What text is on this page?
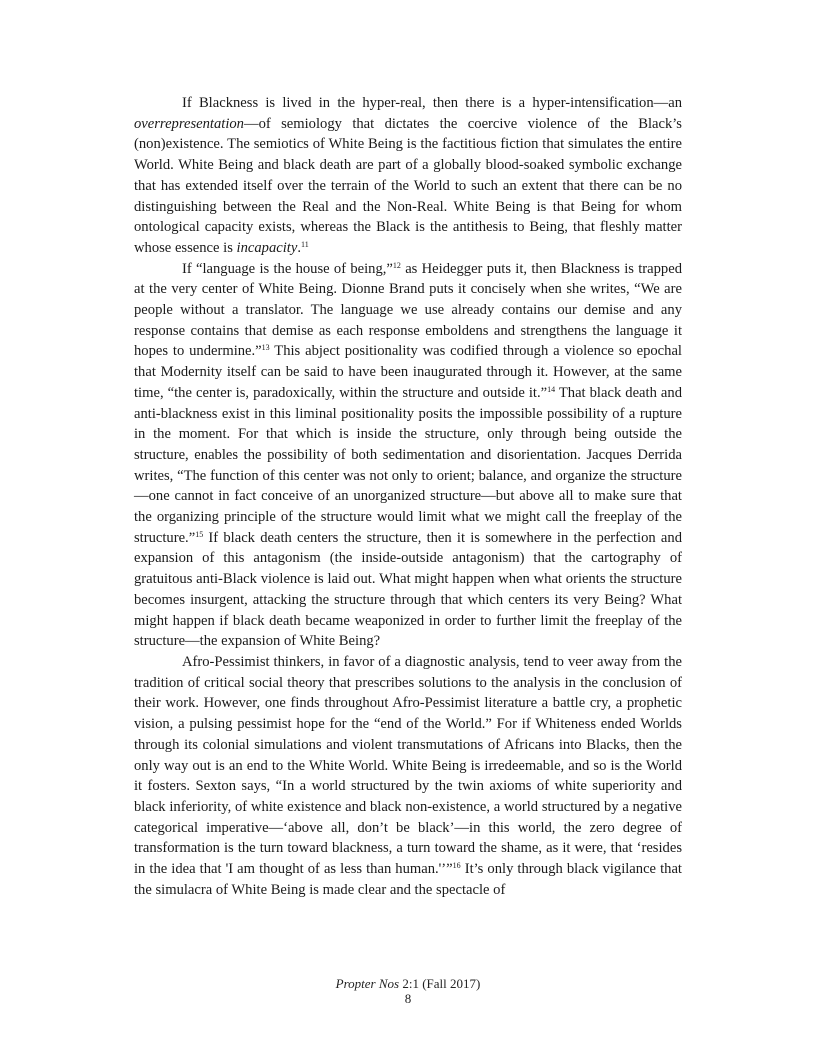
If Blackness is lived in the hyper-real, then there is a hyper-intensification—an overrepresentation—of semiology that dictates the coercive violence of the Black’s (non)existence. The semiotics of White Being is the factitious fiction that simulates the entire World. White Being and black death are part of a globally blood-soaked symbolic exchange that has extended itself over the terrain of the World to such an extent that there can be no distinguishing between the Real and the Non-Real. White Being is that Being for whom ontological capacity exists, whereas the Black is the antithesis to Being, that fleshly matter whose essence is incapacity.$^{11}$

If “language is the house of being,”$^{12}$ as Heidegger puts it, then Blackness is trapped at the very center of White Being. Dionne Brand puts it concisely when she writes, “We are people without a translator. The language we use already contains our demise and any response contains that demise as each response emboldens and strengthens the language it hopes to undermine.”$^{13}$ This abject positionality was codified through a violence so epochal that Modernity itself can be said to have been inaugurated through it. However, at the same time, “the center is, paradoxically, within the structure and outside it.”$^{14}$ That black death and anti-blackness exist in this liminal positionality posits the impossible possibility of a rupture in the moment. For that which is inside the structure, only through being outside the structure, enables the possibility of both sedimentation and disorientation. Jacques Derrida writes, “The function of this center was not only to orient; balance, and organize the structure—one cannot in fact conceive of an unorganized structure—but above all to make sure that the organizing principle of the structure would limit what we might call the freeplay of the structure.”$^{15}$ If black death centers the structure, then it is somewhere in the perfection and expansion of this antagonism (the inside-outside antagonism) that the cartography of gratuitous anti-Black violence is laid out. What might happen when what orients the structure becomes insurgent, attacking the structure through that which centers its very Being? What might happen if black death became weaponized in order to further limit the freeplay of the structure—the expansion of White Being?

Afro-Pessimist thinkers, in favor of a diagnostic analysis, tend to veer away from the tradition of critical social theory that prescribes solutions to the analysis in the conclusion of their work. However, one finds throughout Afro-Pessimist literature a battle cry, a prophetic vision, a pulsing pessimist hope for the “end of the World.” For if Whiteness ended Worlds through its colonial simulations and violent transmutations of Africans into Blacks, then the only way out is an end to the White World. White Being is irredeemable, and so is the World it fosters. Sexton says, “In a world structured by the twin axioms of white superiority and black inferiority, of white existence and black non-existence, a world structured by a negative categorical imperative—‘above all, don’t be black’—in this world, the zero degree of transformation is the turn toward blackness, a turn toward the shame, as it were, that ‘resides in the idea that 'I am thought of as less than human.'’”$^{16}$ It’s only through black vigilance that the simulacra of White Being is made clear and the spectacle of

Propter Nos 2:1 (Fall 2017)
8
